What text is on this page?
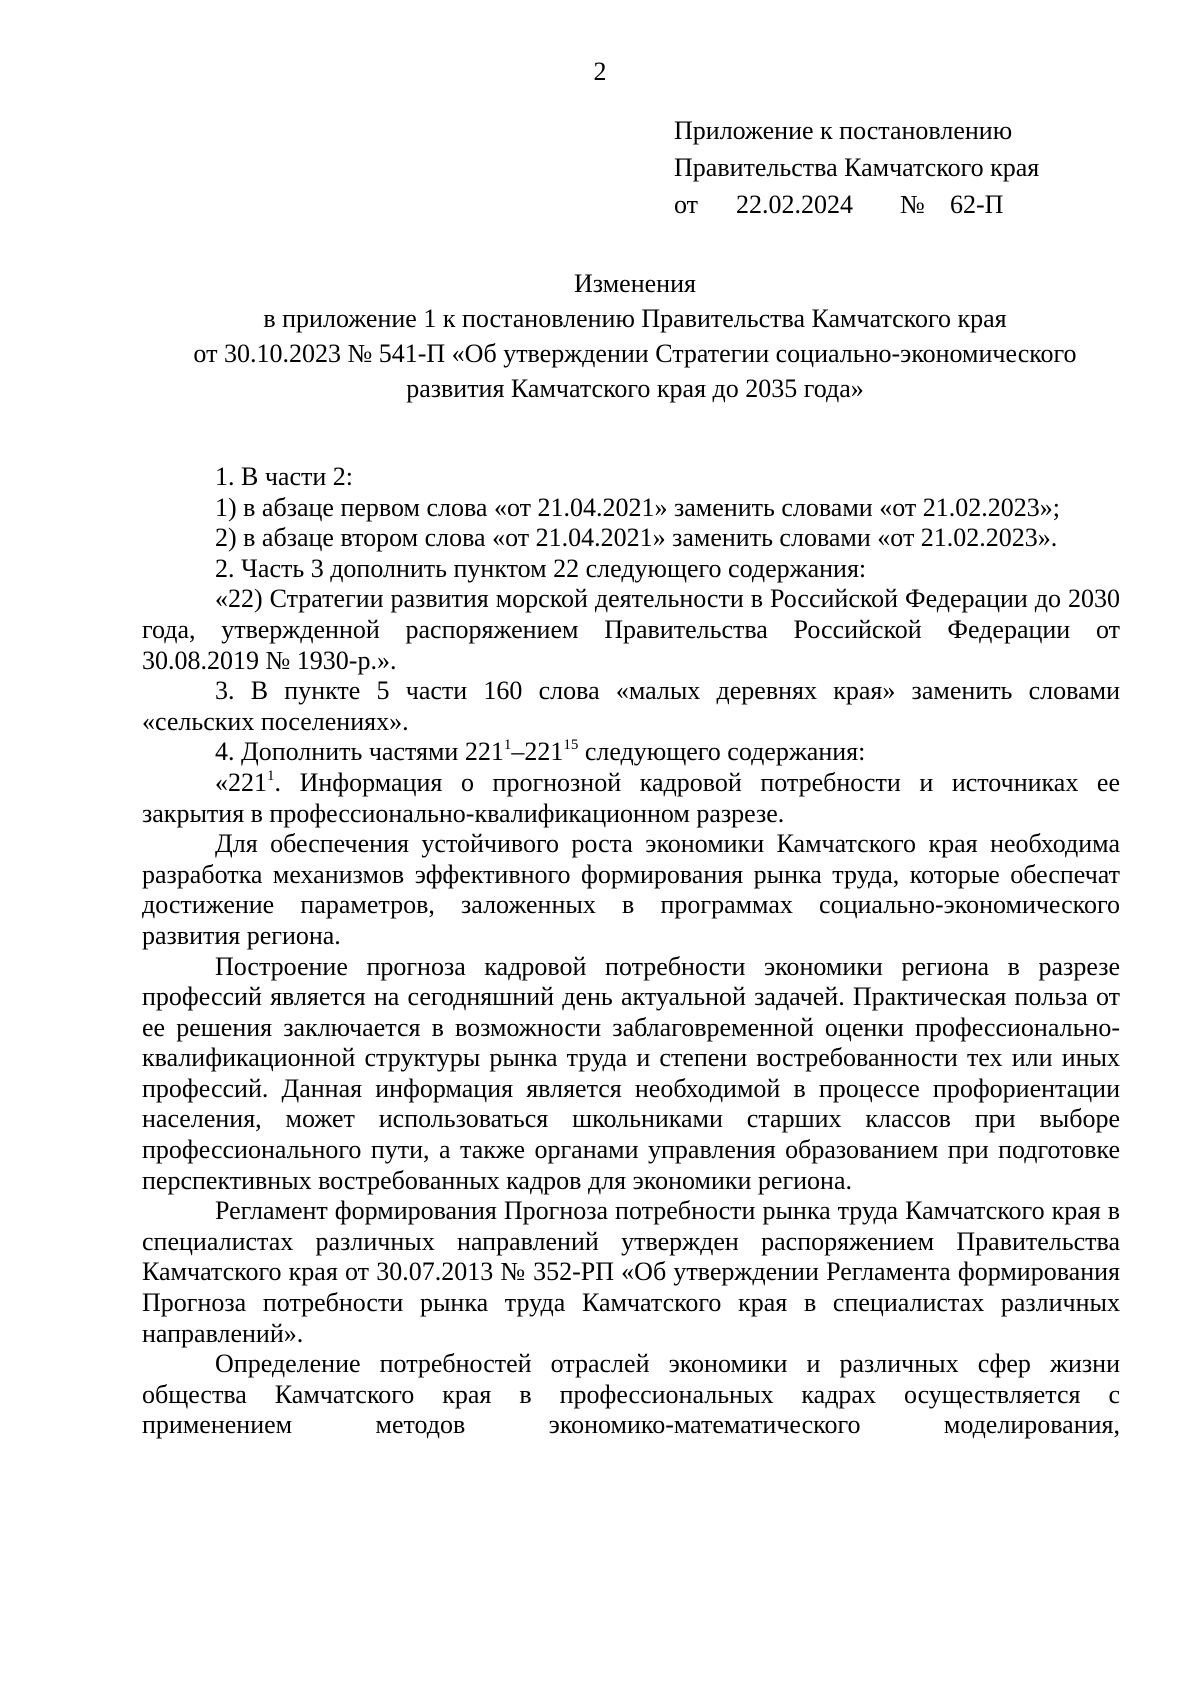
2
Приложение к постановлению
Правительства Камчатского края
от 22.02.2024 № 62-П
Изменения
в приложение 1 к постановлению Правительства Камчатского края
от 30.10.2023 № 541-П «Об утверждении Стратегии социально-экономического
развития Камчатского края до 2035 года»

1. В части 2:

1) в абзаце первом слова «от 21.04.2021» заменить словами «от 21.02.2023»;

2) в абзаце втором слова «от 21.04.2021» заменить словами «от 21.02.2023».

2. Часть 3 дополнить пунктом 22 следующего содержания:

«22) Стратегии развития морской деятельности в Российской Федерации до 2030 года, утвержденной распоряжением Правительства Российской Федерации от 30.08.2019 № 1930-р.».

3. В пункте 5 части 160 слова «малых деревнях края» заменить словами «сельских поселениях».

4. Дополнить частями $221^1-221^{15}$ следующего содержания:

«$221^1$. Информация о прогнозной кадровой потребности и источниках ее закрытия в профессионально-квалификационном разрезе.

Для обеспечения устойчивого роста экономики Камчатского края необходима разработка механизмов эффективного формирования рынка труда, которые обеспечат достижение параметров, заложенных в программах социально-экономического развития региона.

Построение прогноза кадровой потребности экономики региона в разрезе профессий является на сегодняшний день актуальной задачей. Практическая польза от ее решения заключается в возможности заблаговременной оценки профессионально-квалификационной структуры рынка труда и степени востребованности тех или иных профессий. Данная информация является необходимой в процессе профориентации населения, может использоваться школьниками старших классов при выборе профессионального пути, а также органами управления образованием при подготовке перспективных востребованных кадров для экономики региона.

Регламент формирования Прогноза потребности рынка труда Камчатского края в специалистах различных направлений утвержден распоряжением Правительства Камчатского края от 30.07.2013 № 352-РП «Об утверждении Регламента формирования Прогноза потребности рынка труда Камчатского края в специалистах различных направлений».

Определение потребностей отраслей экономики и различных сфер жизни общества Камчатского края в профессиональных кадрах осуществляется с применением методов экономико-математического моделирования,
